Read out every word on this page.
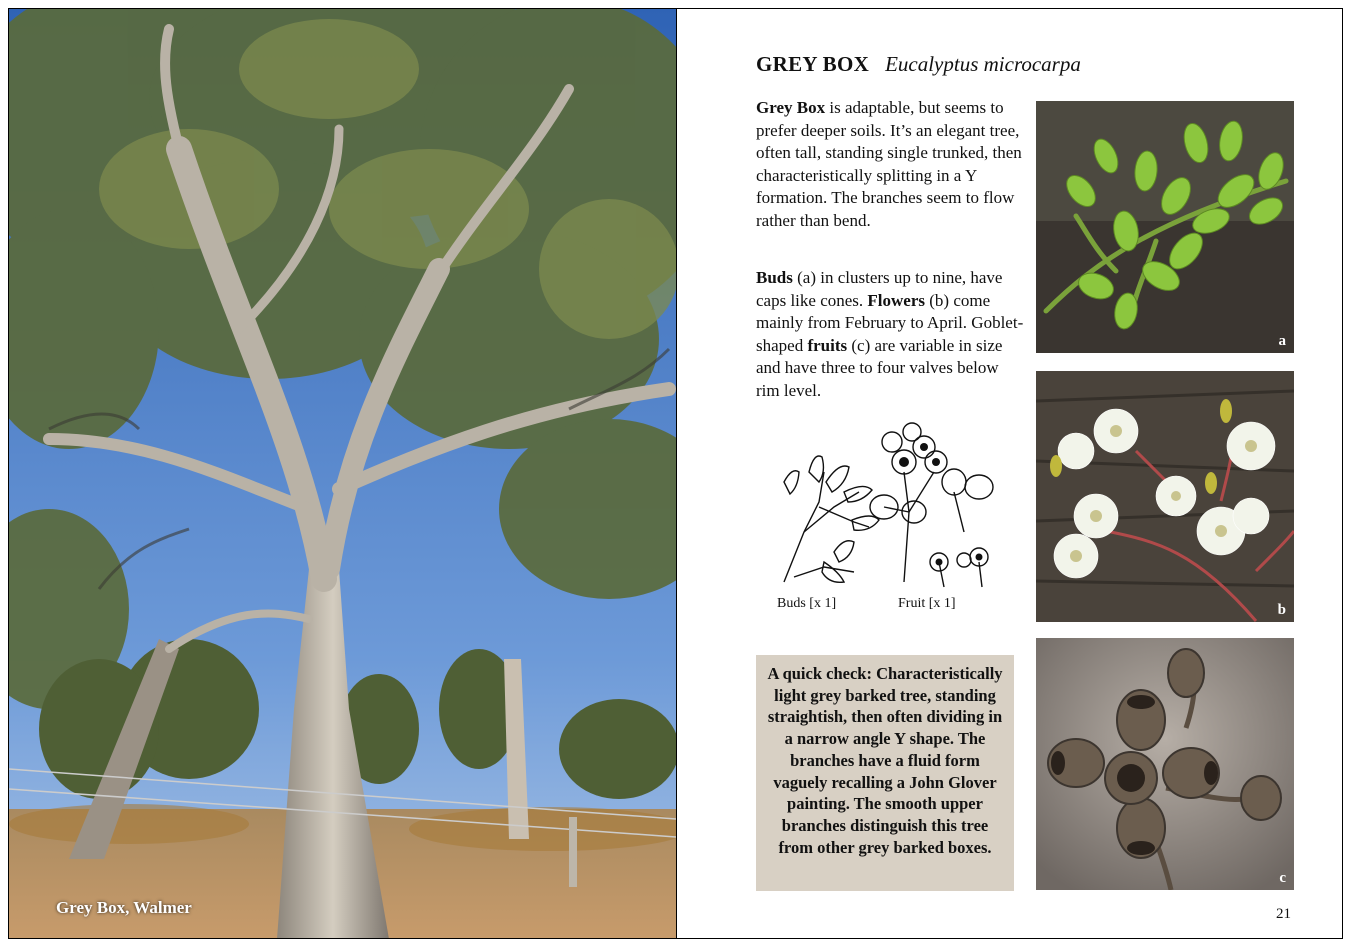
Grey Box, Walmer
GREY BOX Eucalyptus microcarpa
Grey Box is adaptable, but seems to prefer deeper soils. It’s an elegant tree, often tall, standing single trunked, then characteristically splitting in a Y formation. The branches seem to flow rather than bend.
Buds (a) in clusters up to nine, have caps like cones. Flowers (b) come mainly from February to April. Goblet-shaped fruits (c) are variable in size and have three to four valves below rim level.
Buds [x 1]	Fruit [x 1]
A quick check: Characteristically light grey barked tree, standing straightish, then often dividing in a narrow angle Y shape. The branches have a fluid form vaguely recalling a John Glover painting. The smooth upper branches distinguish this tree from other grey barked boxes.
a
b
c
21
